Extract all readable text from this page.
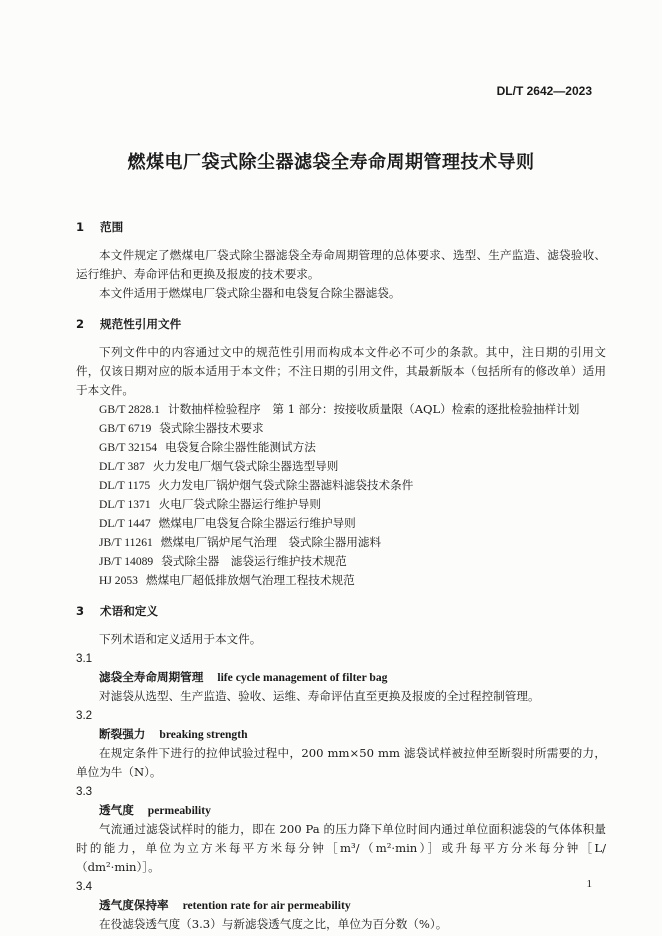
DL/T 2642—2023
燃煤电厂袋式除尘器滤袋全寿命周期管理技术导则
1 范围
本文件规定了燃煤电厂袋式除尘器滤袋全寿命周期管理的总体要求、选型、生产监造、滤袋验收、运行维护、寿命评估和更换及报废的技术要求。
本文件适用于燃煤电厂袋式除尘器和电袋复合除尘器滤袋。
2 规范性引用文件
下列文件中的内容通过文中的规范性引用而构成本文件必不可少的条款。其中，注日期的引用文件，仅该日期对应的版本适用于本文件；不注日期的引用文件，其最新版本（包括所有的修改单）适用于本文件。
GB/T 2828.1 计数抽样检验程序　第 1 部分：按接收质量限（AQL）检索的逐批检验抽样计划
GB/T 6719 袋式除尘器技术要求
GB/T 32154 电袋复合除尘器性能测试方法
DL/T 387 火力发电厂烟气袋式除尘器选型导则
DL/T 1175 火力发电厂锅炉烟气袋式除尘器滤料滤袋技术条件
DL/T 1371 火电厂袋式除尘器运行维护导则
DL/T 1447 燃煤电厂电袋复合除尘器运行维护导则
JB/T 11261 燃煤电厂锅炉尾气治理　袋式除尘器用滤料
JB/T 14089 袋式除尘器　滤袋运行维护技术规范
HJ 2053 燃煤电厂超低排放烟气治理工程技术规范
3 术语和定义
下列术语和定义适用于本文件。
3.1
滤袋全寿命周期管理 life cycle management of filter bag
对滤袋从选型、生产监造、验收、运维、寿命评估直至更换及报废的全过程控制管理。
3.2
断裂强力 breaking strength
在规定条件下进行的拉伸试验过程中，200 mm×50 mm 滤袋试样被拉伸至断裂时所需要的力，单位为牛（N）。
3.3
透气度 permeability
气流通过滤袋试样时的能力，即在 200 Pa 的压力降下单位时间内通过单位面积滤袋的气体体积量时的能力，单位为立方米每平方米每分钟［m³/（m²·min）］或升每平方分米每分钟［L/（dm²·min）］。
3.4
透气度保持率 retention rate for air permeability
在役滤袋透气度（3.3）与新滤袋透气度之比，单位为百分数（%）。
1
